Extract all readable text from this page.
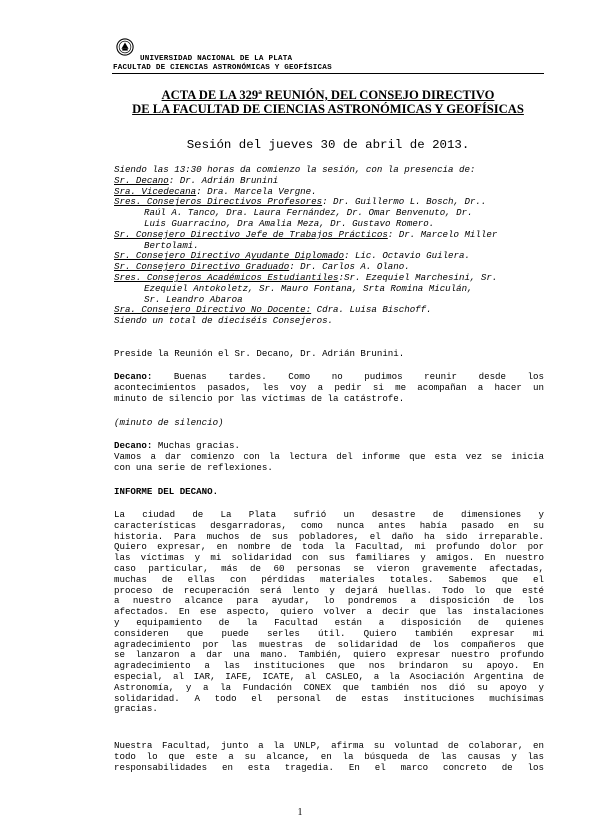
UNIVERSIDAD NACIONAL DE LA PLATA
FACULTAD DE CIENCIAS ASTRONÓMICAS Y GEOFÍSICAS
ACTA DE LA 329ª REUNIÓN, DEL CONSEJO DIRECTIVO
DE LA FACULTAD DE CIENCIAS ASTRONÓMICAS Y GEOFÍSICAS
Sesión del jueves 30 de abril de 2013.
Siendo las 13:30 horas da comienzo la sesión, con la presencia de:
Sr. Decano: Dr. Adrián Brunini
Sra. Vicedecana: Dra. Marcela Vergne.
Sres. Consejeros Directivos Profesores: Dr. Guillermo L. Bosch, Dr..
Raúl A. Tanco, Dra. Laura Fernández, Dr. Omar Benvenuto, Dr.
Luis Guarracino, Dra Amalia Meza, Dr. Gustavo Romero.
Sr. Consejero Directivo Jefe de Trabajos Prácticos: Dr. Marcelo Miller
Bertolami.
Sr. Consejero Directivo Ayudante Diplomado: Lic. Octavio Guilera.
Sr. Consejero Directivo Graduado: Dr. Carlos A. Olano.
Sres. Consejeros Académicos Estudiantiles:Sr. Ezequiel Marchesini, Sr.
Ezequiel Antokoletz, Sr. Mauro Fontana, Srta Romina Miculán,
Sr. Leandro Abaroa
Sra. Consejero Directivo No Docente: Cdra. Luisa Bischoff.
Siendo un total de dieciséis Consejeros.
Preside la Reunión el Sr. Decano, Dr. Adrián Brunini.
Decano: Buenas tardes. Como no pudimos reunir desde los
acontecimientos pasados, les voy a pedir si me acompañan a hacer un
minuto de silencio por las víctimas de la catástrofe.
(minuto de silencio)
Decano: Muchas gracias.
Vamos a dar comienzo con la lectura del informe que esta vez se inicia
con una serie de reflexiones.
INFORME DEL DECANO.
La ciudad de La Plata sufrió un desastre de dimensiones y
características desgarradoras, como nunca antes había pasado en su
historia. Para muchos de sus pobladores, el daño ha sido irreparable.
Quiero expresar, en nombre de toda la Facultad, mi profundo dolor por
las víctimas y mi solidaridad con sus familiares y amigos. En nuestro
caso particular, más de 60 personas se vieron gravemente afectadas,
muchas de ellas con pérdidas materiales totales. Sabemos que el
proceso de recuperación será lento y dejará huellas. Todo lo que esté
a nuestro alcance para ayudar, lo pondremos a disposición de los
afectados. En ese aspecto, quiero volver a decir que las instalaciones
y equipamiento de la Facultad están a disposición de quienes
consideren que puede serles útil. Quiero también expresar mi
agradecimiento por las muestras de solidaridad de los compañeros que
se lanzaron a dar una mano. También, quiero expresar nuestro profundo
agradecimiento a las instituciones que nos brindaron su apoyo. En
especial, al IAR, IAFE, ICATE, al CASLEO, a la Asociación Argentina de
Astronomía, y a la Fundación CONEX que también nos dió su apoyo y
solidaridad. A todo el personal de estas instituciones muchísimas
gracias.
Nuestra Facultad, junto a la UNLP, afirma su voluntad de colaborar, en
todo lo que este a su alcance, en la búsqueda de las causas y las
responsabilidades en esta tragedia. En el marco concreto de los
1
